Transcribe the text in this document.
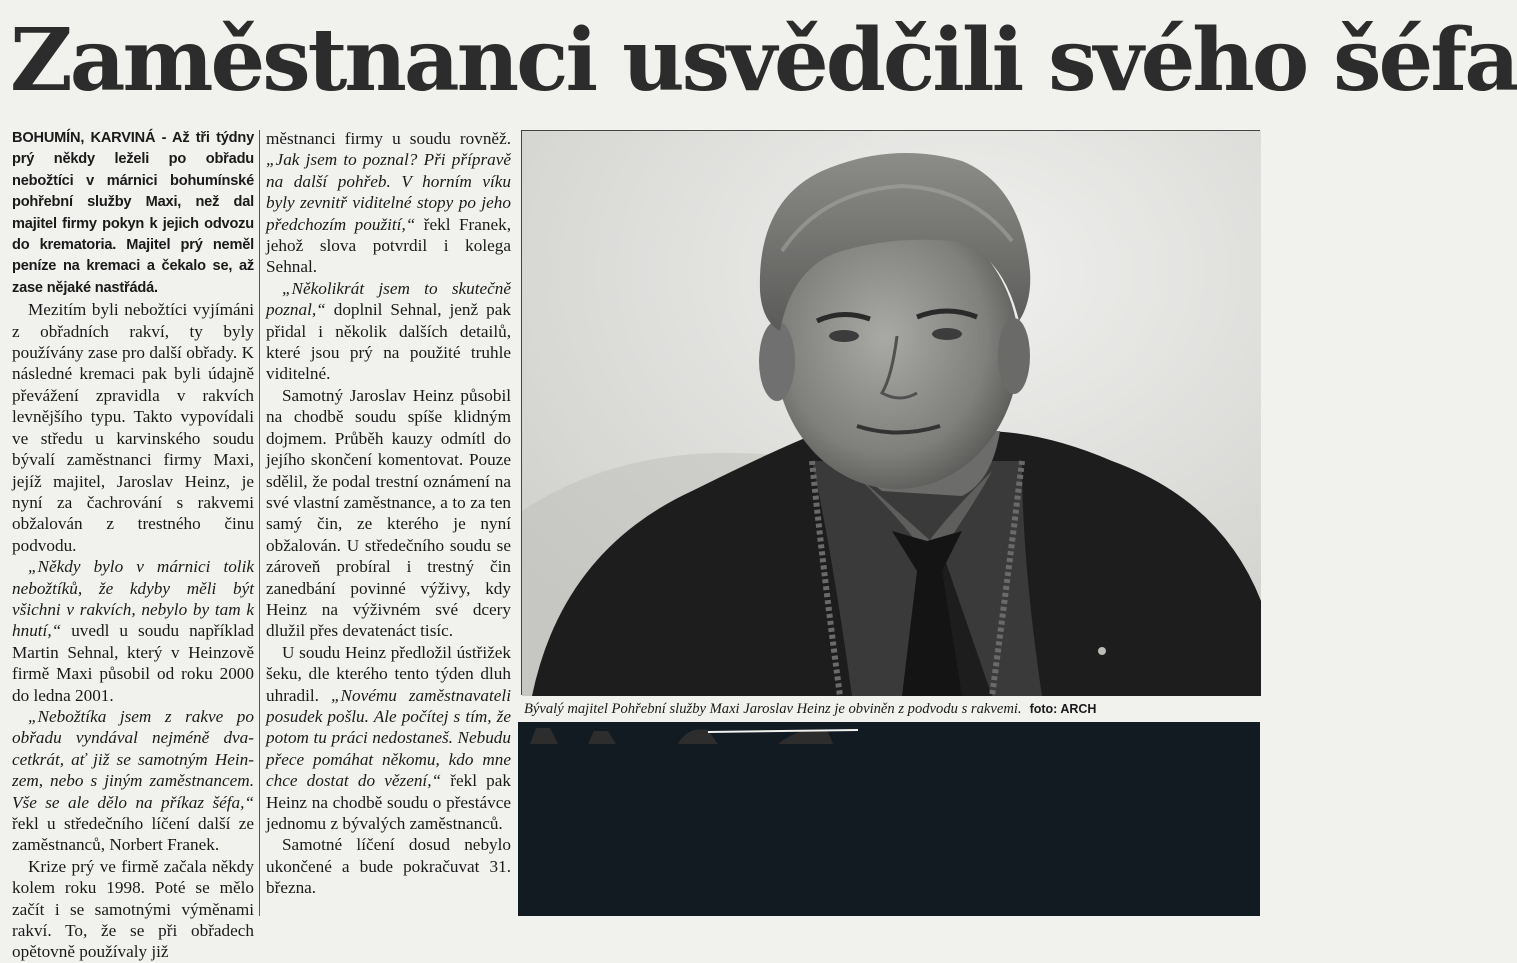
Zaměstnanci usvědčili svého šéfa

BOHUMÍN, KARVINÁ - Až tři týdny prý někdy leželi po obřadu nebožtíci v márnici bohumínské pohřební služby Maxi, než dal majitel firmy pokyn k jejich odvozu do krematoria. Majitel prý neměl peníze na kremaci a čekalo se, až zase nějaké nastřádá.

Mezitím byli nebožtíci vyjímáni z obřadních rakví, ty byly používány zase pro další obřady. K následné kremaci pak byli údajně převážení zpravidla v rakvích levnějšího typu. Takto vypovídali ve středu u karvinského soudu bývalí zaměstnanci firmy Maxi, jejíž majitel, Jaroslav Heinz, je nyní za čachrování s rakvemi obžalován z trestného činu podvodu.

„Někdy bylo v márnici tolik nebožtíků, že kdyby měli být všichni v rakvích, nebylo by tam k hnutí,“ uvedl u soudu například Martin Sehnal, který v Heinzově firmě Maxi působil od roku 2000 do ledna 2001.

„Nebožtíka jsem z rakve po obřadu vyndával nejméně dvacetkrát, ať již se samotným Heinzem, nebo s jiným zaměstnancem. Vše se ale dělo na příkaz šéfa,“ řekl u středečního líčení další ze zaměstnanců, Norbert Franek.

Krize prý ve firmě začala někdy kolem roku 1998. Poté se mělo začít i se samotnými výměnami rakví. To, že se při obřadech opětovně používaly již

městnanci firmy u soudu rovněž. „Jak jsem to poznal? Při přípravě na další pohřeb. V horním víku byly zevnitř viditelné stopy po jeho předchozím použití,“ řekl Franek, jehož slova potvrdil i kolega Sehnal.

„Několikrát jsem to skutečně poznal,“ doplnil Sehnal, jenž pak přidal i několik dalších detailů, které jsou prý na použité truhle viditelné.

Samotný Jaroslav Heinz působil na chodbě soudu spíše klidným dojmem. Průběh kauzy odmítl do jejího skončení komentovat. Pouze sdělil, že podal trestní oznámení na své vlastní zaměstnance, a to za ten samý čin, ze kterého je nyní obžalován. U středečního soudu se zároveň probíral i trestný čin zanedbání povinné výživy, kdy Heinz na výživném své dcery dlužil přes devatenáct tisíc.

U soudu Heinz předložil ústřižek šeku, dle kterého tento týden dluh uhradil. „Novému zaměstnavateli posudek pošlu. Ale počítej s tím, že potom tu práci nedostaneš. Nebudu přece pomáhat někomu, kdo mne chce dostat do vězení,“ řekl pak Heinz na chodbě soudu o přestávce jednomu z bývalých zaměstnanců.

Samotné líčení dosud nebylo ukončené a bude pokračuvat 31. března.

Bývalý majitel Pohřební služby Maxi Jaroslav Heinz je obviněn z podvodu s rakvemi. foto: ARCH
